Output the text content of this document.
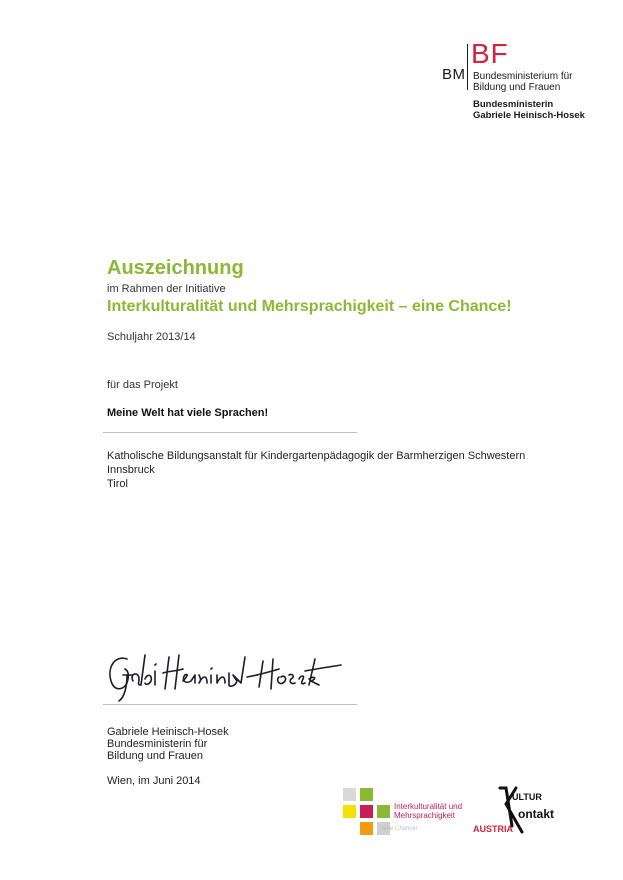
BM
BF
Bundesministerium für
Bildung und Frauen
Bundesministerin
Gabriele Heinisch-Hosek
Auszeichnung
im Rahmen der Initiative
Interkulturalität und Mehrsprachigkeit – eine Chance!
Schuljahr 2013/14
für das Projekt
Meine Welt hat viele Sprachen!
Katholische Bildungsanstalt für Kindergartenpädagogik der Barmherzigen Schwestern
Innsbruck
Tirol
Gabriele Heinisch-Hosek
Bundesministerin für
Bildung und Frauen
Wien, im Juni 2014
Interkulturalität und
Mehrsprachigkeit
eine Chance!
ULTUR
ontakt
AUSTRIA
